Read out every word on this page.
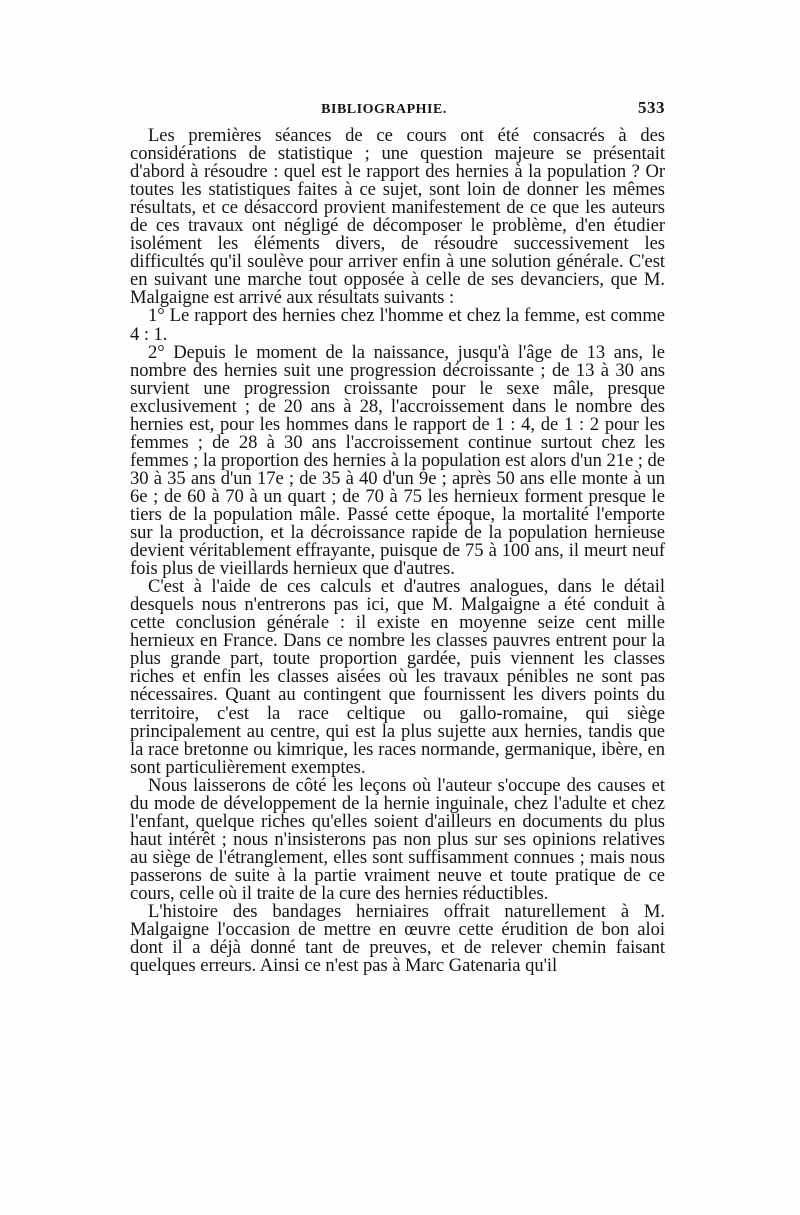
BIBLIOGRAPHIE.	533

Les premières séances de ce cours ont été consacrés à des considérations de statistique ; une question majeure se présentait d'abord à résoudre : quel est le rapport des hernies à la population ? Or toutes les statistiques faites à ce sujet, sont loin de donner les mêmes résultats, et ce désaccord provient manifestement de ce que les auteurs de ces travaux ont négligé de décomposer le problème, d'en étudier isolément les éléments divers, de résoudre successivement les difficultés qu'il soulève pour arriver enfin à une solution générale. C'est en suivant une marche tout opposée à celle de ses devanciers, que M. Malgaigne est arrivé aux résultats suivants :

1° Le rapport des hernies chez l'homme et chez la femme, est comme 4 : 1.

2° Depuis le moment de la naissance, jusqu'à l'âge de 13 ans, le nombre des hernies suit une progression décroissante ; de 13 à 30 ans survient une progression croissante pour le sexe mâle, presque exclusivement ; de 20 ans à 28, l'accroissement dans le nombre des hernies est, pour les hommes dans le rapport de 1 : 4, de 1 : 2 pour les femmes ; de 28 à 30 ans l'accroissement continue surtout chez les femmes ; la proportion des hernies à la population est alors d'un 21e ; de 30 à 35 ans d'un 17e ; de 35 à 40 d'un 9e ; après 50 ans elle monte à un 6e ; de 60 à 70 à un quart ; de 70 à 75 les hernieux forment presque le tiers de la population mâle. Passé cette époque, la mortalité l'emporte sur la production, et la décroissance rapide de la population hernieuse devient véritablement effrayante, puisque de 75 à 100 ans, il meurt neuf fois plus de vieillards hernieux que d'autres.

C'est à l'aide de ces calculs et d'autres analogues, dans le détail desquels nous n'entrerons pas ici, que M. Malgaigne a été conduit à cette conclusion générale : il existe en moyenne seize cent mille hernieux en France. Dans ce nombre les classes pauvres entrent pour la plus grande part, toute proportion gardée, puis viennent les classes riches et enfin les classes aisées où les travaux pénibles ne sont pas nécessaires. Quant au contingent que fournissent les divers points du territoire, c'est la race celtique ou gallo-romaine, qui siège principalement au centre, qui est la plus sujette aux hernies, tandis que la race bretonne ou kimrique, les races normande, germanique, ibère, en sont particulièrement exemptes.

Nous laisserons de côté les leçons où l'auteur s'occupe des causes et du mode de développement de la hernie inguinale, chez l'adulte et chez l'enfant, quelque riches qu'elles soient d'ailleurs en documents du plus haut intérêt ; nous n'insisterons pas non plus sur ses opinions relatives au siège de l'étranglement, elles sont suffisamment connues ; mais nous passerons de suite à la partie vraiment neuve et toute pratique de ce cours, celle où il traite de la cure des hernies réductibles.

L'histoire des bandages herniaires offrait naturellement à M. Malgaigne l'occasion de mettre en œuvre cette érudition de bon aloi dont il a déjà donné tant de preuves, et de relever chemin faisant quelques erreurs. Ainsi ce n'est pas à Marc Gatenaria qu'il
